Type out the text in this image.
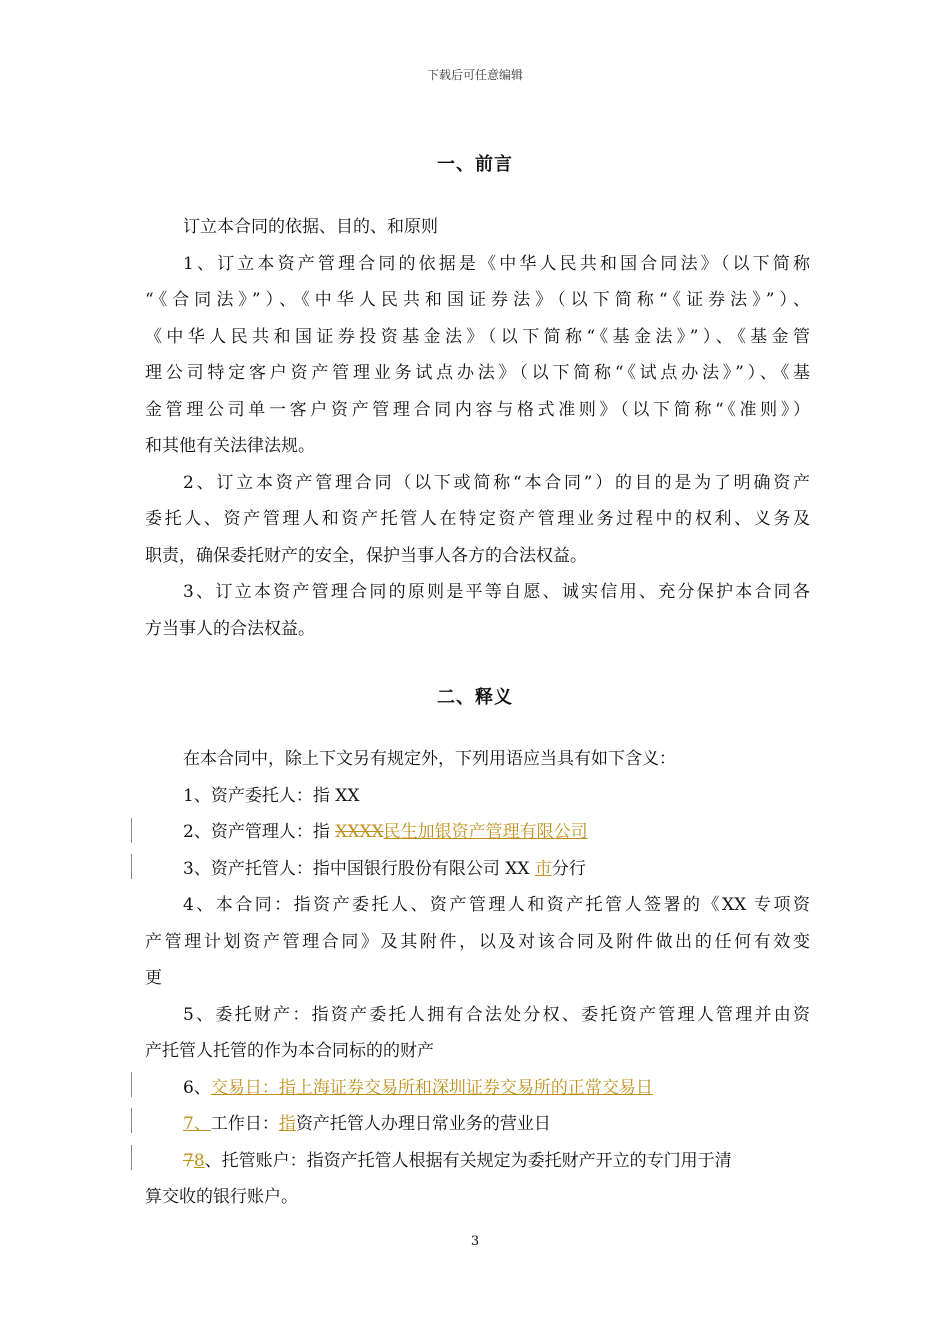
下载后可任意编辑
一、前言
订立本合同的依据、目的、和原则
1、订立本资产管理合同的依据是《中华人民共和国合同法》（以下简称
“《合同法》”）、《中华人民共和国证券法》（以下简称“《证券法》”）、
《中华人民共和国证券投资基金法》（以下简称“《基金法》”）、《基金管
理公司特定客户资产管理业务试点办法》（以下简称“《试点办法》”）、《基
金管理公司单一客户资产管理合同内容与格式准则》（以下简称“《准则》）
和其他有关法律法规。
2、订立本资产管理合同（以下或简称“本合同”）的目的是为了明确资产
委托人、资产管理人和资产托管人在特定资产管理业务过程中的权利、义务及
职责，确保委托财产的安全，保护当事人各方的合法权益。
3、订立本资产管理合同的原则是平等自愿、诚实信用、充分保护本合同各
方当事人的合法权益。
二、释义
在本合同中，除上下文另有规定外，下列用语应当具有如下含义：
1、资产委托人：指 XX
2、资产管理人：指 XXXX民生加银资产管理有限公司
3、资产托管人：指中国银行股份有限公司 XX 市分行
4、本合同：指资产委托人、资产管理人和资产托管人签署的《XX 专项资
产管理计划资产管理合同》及其附件，以及对该合同及附件做出的任何有效变
更
5、委托财产：指资产委托人拥有合法处分权、委托资产管理人管理并由资
产托管人托管的作为本合同标的的财产
6、交易日：指上海证券交易所和深圳证券交易所的正常交易日
7、工作日：指资产托管人办理日常业务的营业日
78、托管账户：指资产托管人根据有关规定为委托财产开立的专门用于清
算交收的银行账户。
3
